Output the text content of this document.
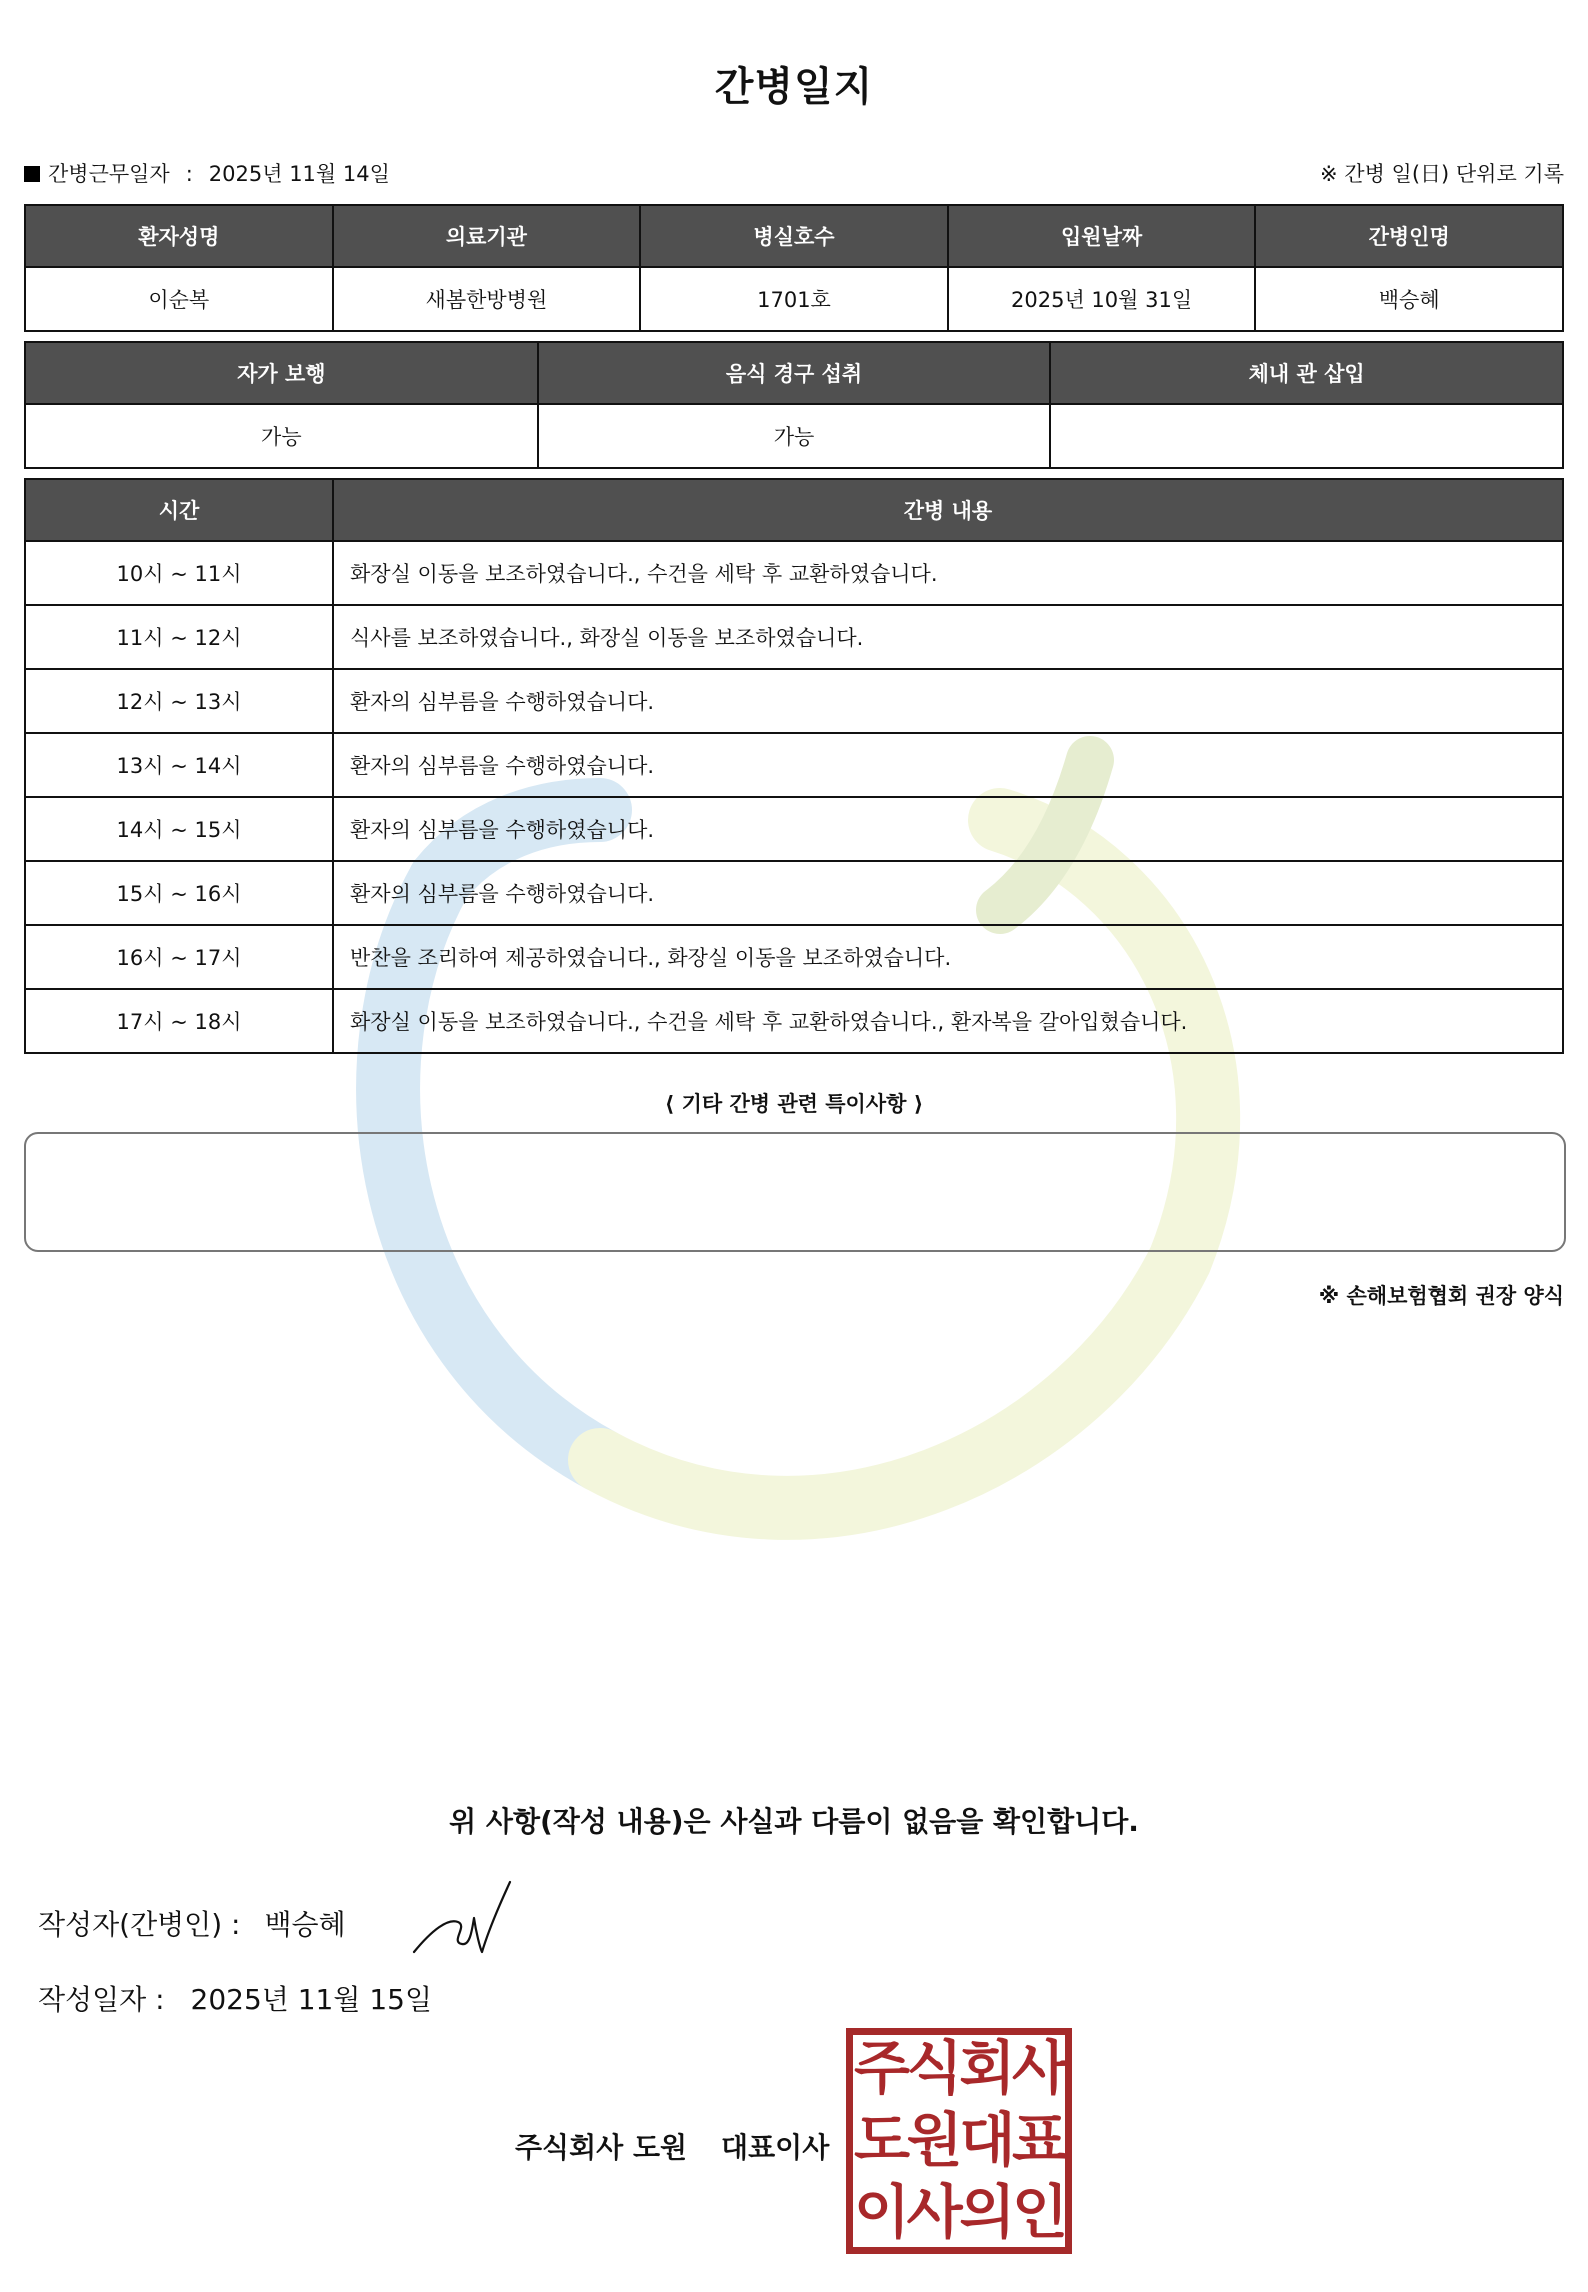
간병일지
간병근무일자 : 2025년 11월 14일	※ 간병 일(日) 단위로 기록
환자성명	의료기관	병실호수	입원날짜	간병인명
이순복	새봄한방병원	1701호	2025년 10월 31일	백승혜
자가 보행	음식 경구 섭취	체내 관 삽입
가능	가능	
시간	간병 내용
10시 ~ 11시	화장실 이동을 보조하였습니다., 수건을 세탁 후 교환하였습니다.
11시 ~ 12시	식사를 보조하였습니다., 화장실 이동을 보조하였습니다.
12시 ~ 13시	환자의 심부름을 수행하였습니다.
13시 ~ 14시	환자의 심부름을 수행하였습니다.
14시 ~ 15시	환자의 심부름을 수행하였습니다.
15시 ~ 16시	환자의 심부름을 수행하였습니다.
16시 ~ 17시	반찬을 조리하여 제공하였습니다., 화장실 이동을 보조하였습니다.
17시 ~ 18시	화장실 이동을 보조하였습니다., 수건을 세탁 후 교환하였습니다., 환자복을 갈아입혔습니다.
⟨ 기타 간병 관련 특이사항 ⟩
※ 손해보험협회 권장 양식
위 사항(작성 내용)은 사실과 다름이 없음을 확인합니다.
작성자(간병인) : 백승혜
작성일자 : 2025년 11월 15일
주식회사 도원 대표이사
주
식
회
사
도
원
대
표
이
사
의
인
